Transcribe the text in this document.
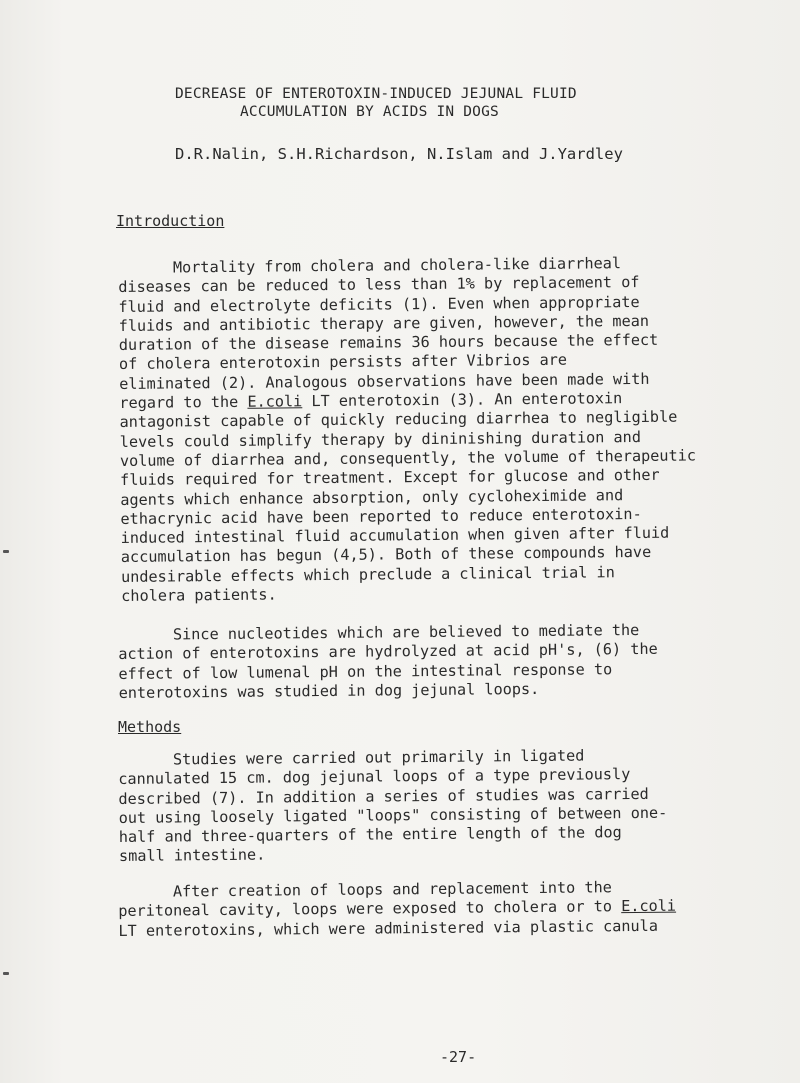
DECREASE OF ENTEROTOXIN-INDUCED JEJUNAL FLUID
ACCUMULATION BY ACIDS IN DOGS
D.R.Nalin, S.H.Richardson, N.Islam and J.Yardley
Introduction
Mortality from cholera and cholera-like diarrheal
diseases can be reduced to less than 1% by replacement of
fluid and electrolyte deficits (1). Even when appropriate
fluids and antibiotic therapy are given, however, the mean
duration of the disease remains 36 hours because the effect
of cholera enterotoxin persists after Vibrios are
eliminated (2). Analogous observations have been made with
regard to the E.coli LT enterotoxin (3). An enterotoxin
antagonist capable of quickly reducing diarrhea to negligible
levels could simplify therapy by dininishing duration and
volume of diarrhea and, consequently, the volume of therapeutic
fluids required for treatment. Except for glucose and other
agents which enhance absorption, only cycloheximide and
ethacrynic acid have been reported to reduce enterotoxin-
induced intestinal fluid accumulation when given after fluid
accumulation has begun (4,5). Both of these compounds have
undesirable effects which preclude a clinical trial in
cholera patients.
Since nucleotides which are believed to mediate the
action of enterotoxins are hydrolyzed at acid pH's, (6) the
effect of low lumenal pH on the intestinal response to
enterotoxins was studied in dog jejunal loops.
Methods
Studies were carried out primarily in ligated
cannulated 15 cm. dog jejunal loops of a type previously
described (7). In addition a series of studies was carried
out using loosely ligated "loops" consisting of between one-
half and three-quarters of the entire length of the dog
small intestine.
After creation of loops and replacement into the
peritoneal cavity, loops were exposed to cholera or to E.coli
LT enterotoxins, which were administered via plastic canula
-27-
